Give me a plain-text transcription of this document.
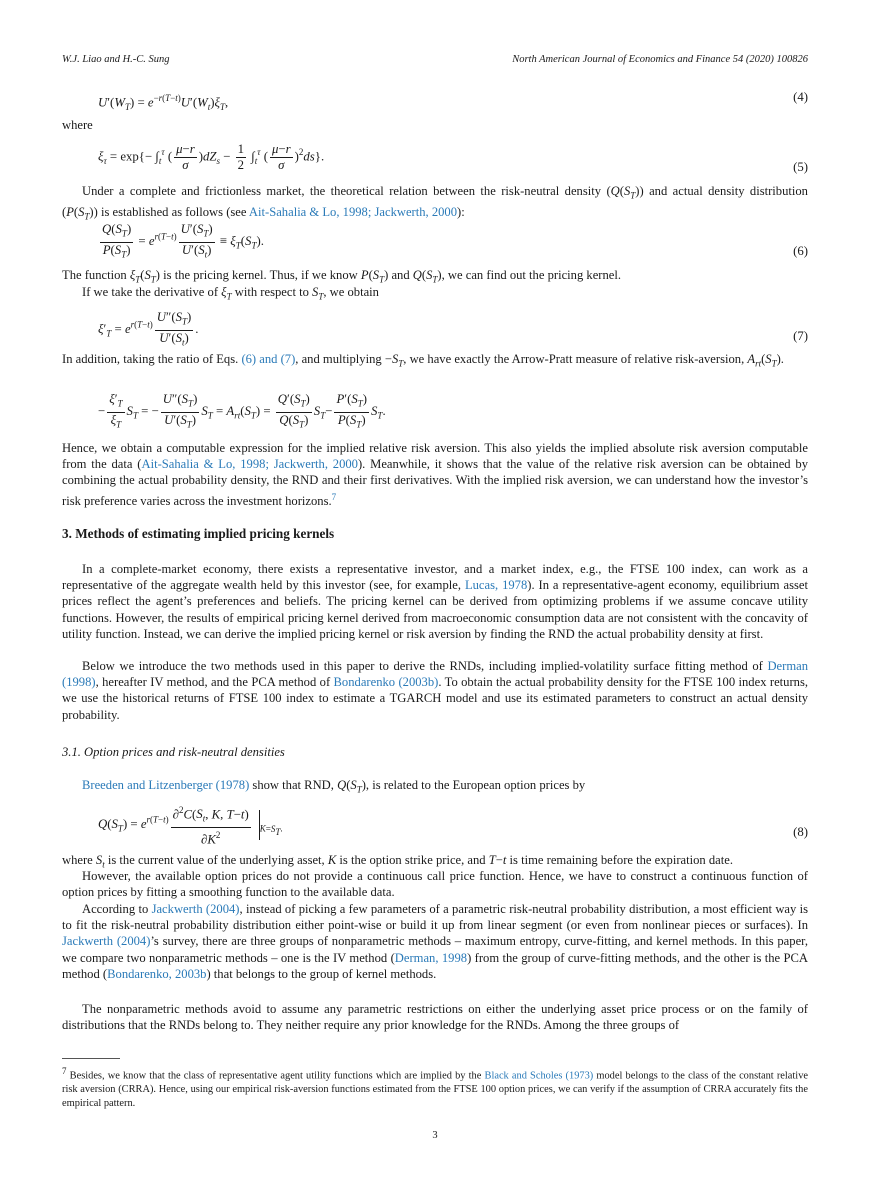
W.J. Liao and H.-C. Sung	North American Journal of Economics and Finance 54 (2020) 100826
$U'(W_T) = e^{-r(T-t)}U'(W_t)\xi_T$,	(4)
where
$\xi_\tau = \exp\{- \int_t^\tau$ ( $\frac{\mu-r}{\sigma} )dZ_s - \frac{1}{2} \int_t^\tau$ ( $\frac{\mu-r}{\sigma} )^2ds$}.
(5)
Under a complete and frictionless market, the theoretical relation between the risk-neutral density $(Q(S_T))$ and actual density distribution $(P(S_T))$ is established as follows (see Ait-Sahalia & Lo, 1998; Jackwerth, 2000):
$\frac{Q(S_T)}{P(S_T)} = e^{r(T-t)} \frac{U'(S_T)}{U'(S_t)} \equiv \xi_T(S_T)$.
(6)
The function $\xi_T(S_T)$ is the pricing kernel. Thus, if we know $P(S_T)$ and $Q(S_T)$, we can find out the pricing kernel.
If we take the derivative of $\xi_T$ with respect to $S_T$, we obtain
$\xi'_T = e^{r(T-t)} \frac{U''(S_T)}{U'(S_t)}$ .
(7)
In addition, taking the ratio of Eqs. (6) and (7), and multiplying $-S_T$, we have exactly the Arrow-Pratt measure of relative risk-aversion, $A_{rt}(S_T)$.
− $\frac{\xi'_T}{\xi_T} S_T$ = − $\frac{U''(S_T)}{U'(S_T)} S_T = A_{rt}(S_T) = \frac{Q'(S_T)}{Q(S_T)} S_T- \frac{P'(S_T)}{P(S_T)} S_T$.
Hence, we obtain a computable expression for the implied relative risk aversion. This also yields the implied absolute risk aversion computable from the data (Ait-Sahalia & Lo, 1998; Jackwerth, 2000). Meanwhile, it shows that the value of the relative risk aversion can be obtained by combining the actual probability density, the RND and their first derivatives. With the implied risk aversion, we can understand how the investor’s risk preference varies across the investment horizons.$^7$
3. Methods of estimating implied pricing kernels
In a complete-market economy, there exists a representative investor, and a market index, e.g., the FTSE 100 index, can work as a representative of the aggregate wealth held by this investor (see, for example, Lucas, 1978). In a representative-agent economy, equilibrium asset prices reflect the agent’s preferences and beliefs. The pricing kernel can be derived from optimizing problems if we assume concave utility functions. However, the results of empirical pricing kernel derived from macroeconomic consumption data are not consistent with the concavity of utility function. Instead, we can derive the implied pricing kernel or risk aversion by finding the RND the actual probability density at first.
Below we introduce the two methods used in this paper to derive the RNDs, including implied-volatility surface fitting method of Derman (1998), hereafter IV method, and the PCA method of Bondarenko (2003b). To obtain the actual probability density for the FTSE 100 index returns, we use the historical returns of FTSE 100 index to estimate a TGARCH model and use its estimated parameters to construct an actual density probability.
3.1. Option prices and risk-neutral densities
Breeden and Litzenberger (1978) show that RND, $Q(S_T)$, is related to the European option prices by
$Q(S_T) = e^{r(T-t)} \frac{\partial^2C(S_t, K, T-t)}{\partial K^2} _{K=S_T.}$	(8)
where $S_t$ is the current value of the underlying asset, K is the option strike price, and T−t is time remaining before the expiration date.
However, the available option prices do not provide a continuous call price function. Hence, we have to construct a continuous function of option prices by fitting a smoothing function to the available data.
According to Jackwerth (2004), instead of picking a few parameters of a parametric risk-neutral probability distribution, a most efficient way is to fit the risk-neutral probability distribution either point-wise or build it up from linear segment (or even from nonlinear pieces or surfaces). In Jackwerth (2004)’s survey, there are three groups of nonparametric methods – maximum entropy, curve-fitting, and kernel methods. In this paper, we compare two nonparametric methods – one is the IV method (Derman, 1998) from the group of curve-fitting methods, and the other is the PCA method (Bondarenko, 2003b) that belongs to the group of kernel methods.
The nonparametric methods avoid to assume any parametric restrictions on either the underlying asset price process or on the family of distributions that the RNDs belong to. They neither require any prior knowledge for the RNDs. Among the three groups of
$^7$ Besides, we know that the class of representative agent utility functions which are implied by the Black and Scholes (1973) model belongs to the class of the constant relative risk aversion (CRRA). Hence, using our empirical risk-aversion functions estimated from the FTSE 100 option prices, we can verify if the assumption of CRRA accurately fits the empirical pattern.
3
